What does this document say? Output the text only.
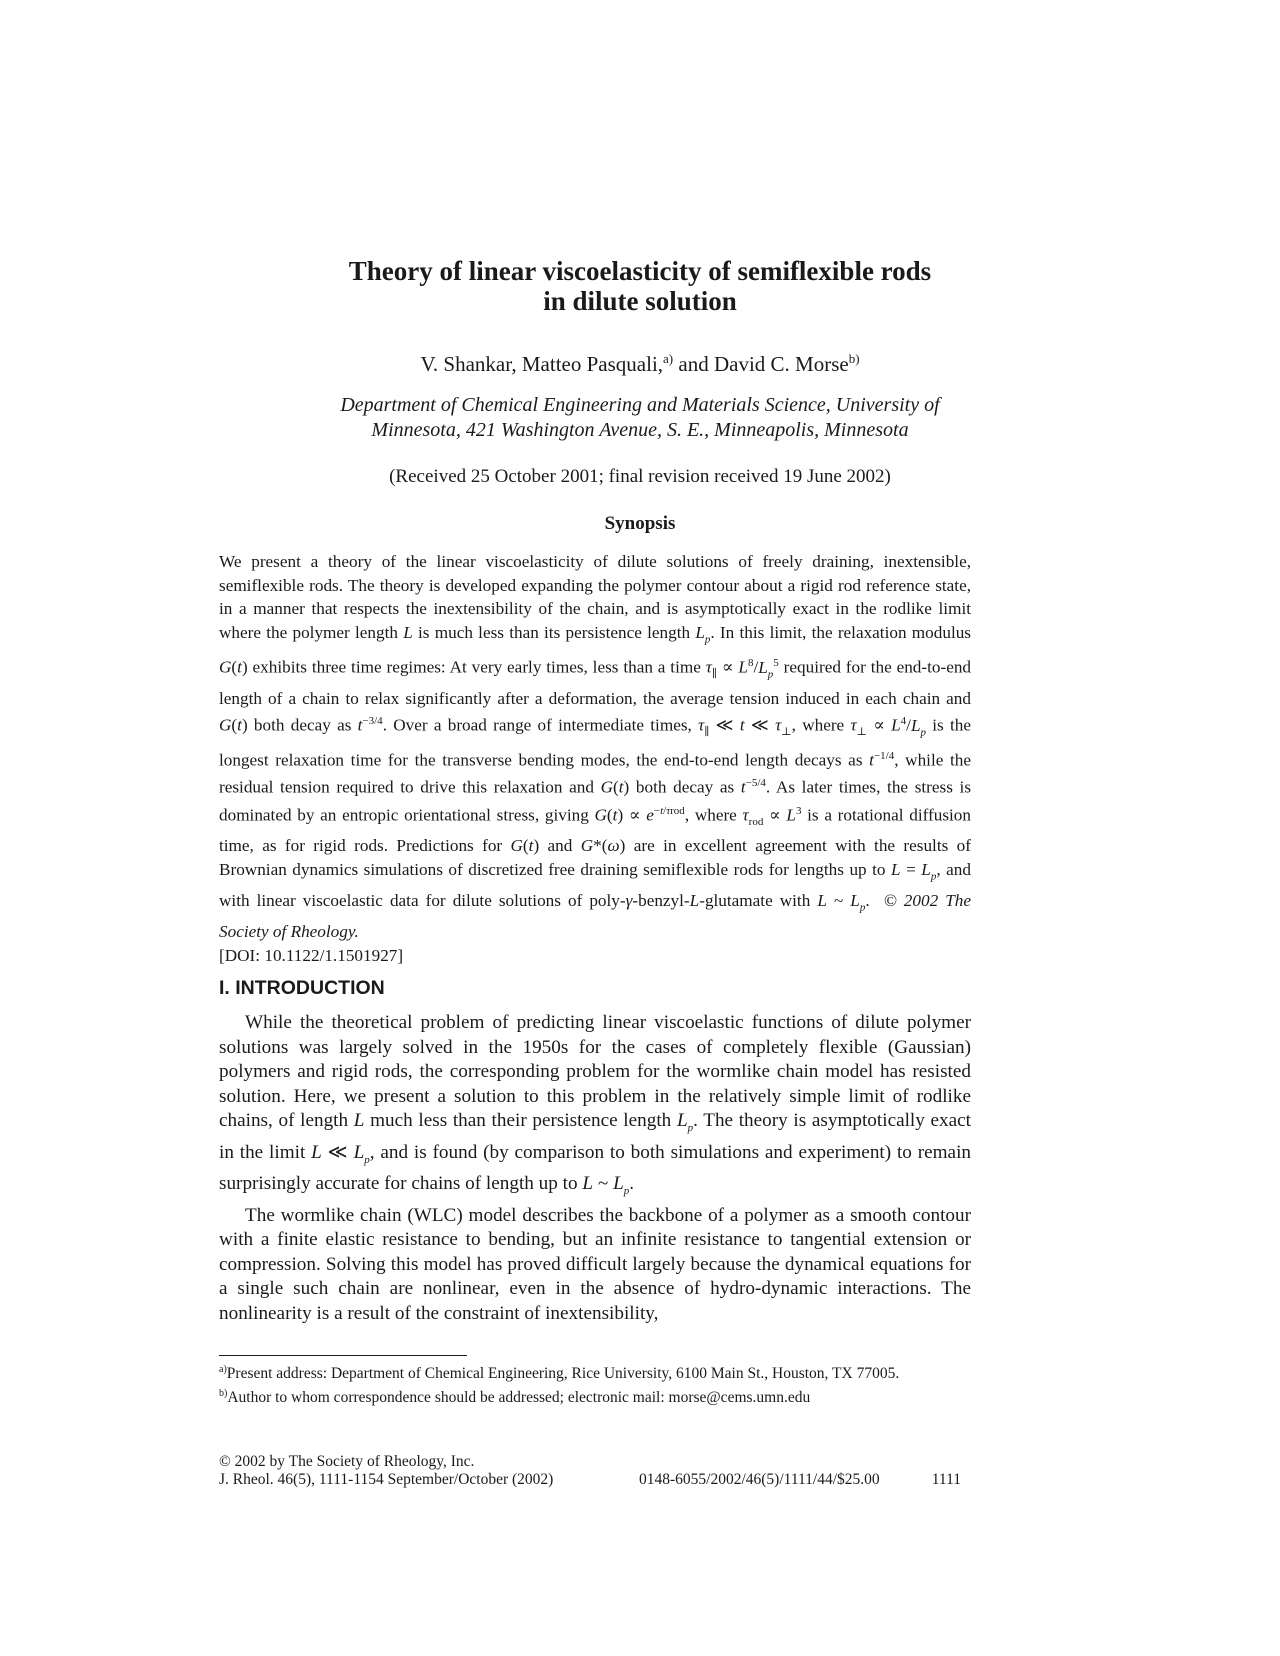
Theory of linear viscoelasticity of semiflexible rods
in dilute solution
V. Shankar, Matteo Pasquali,$^{a)}$ and David C. Morse$^{b)}$
Department of Chemical Engineering and Materials Science, University of
Minnesota, 421 Washington Avenue, S. E., Minneapolis, Minnesota
(Received 25 October 2001; final revision received 19 June 2002)
Synopsis
We present a theory of the linear viscoelasticity of dilute solutions of freely draining, inextensible, semiflexible rods. The theory is developed expanding the polymer contour about a rigid rod reference state, in a manner that respects the inextensibility of the chain, and is asymptotically exact in the rodlike limit where the polymer length L is much less than its persistence length $L_p$. In this limit, the relaxation modulus G(t) exhibits three time regimes: At very early times, less than a time $\tau_\parallel \propto L^8/L_p^5$ required for the end-to-end length of a chain to relax significantly after a deformation, the average tension induced in each chain and G(t) both decay as $t^{-3/4}$. Over a broad range of intermediate times, $\tau_\parallel$ ≪ t ≪ $\tau_\perp$, where $\tau_\perp \propto L^4/L_p$ is the longest relaxation time for the transverse bending modes, the end-to-end length decays as $t^{-1/4}$, while the residual tension required to drive this relaxation and G(t) both decay as $t^{-5/4}$. As later times, the stress is dominated by an entropic orientational stress, giving $G(t) \propto e^{-t/\tau rod}$, where $\tau_{rod} \propto L^3$ is a rotational diffusion time, as for rigid rods. Predictions for G(t) and G*(ω) are in excellent agreement with the results of Brownian dynamics simulations of discretized free draining semiflexible rods for lengths up to $L = L_p$, and with linear viscoelastic data for dilute solutions of poly-γ-benzyl-L-glutamate with L ~ $L_p$. © 2002 The Society of Rheology.
[DOI: 10.1122/1.1501927]
I. INTRODUCTION

While the theoretical problem of predicting linear viscoelastic functions of dilute polymer solutions was largely solved in the 1950s for the cases of completely flexible (Gaussian) polymers and rigid rods, the corresponding problem for the wormlike chain model has resisted solution. Here, we present a solution to this problem in the relatively simple limit of rodlike chains, of length L much less than their persistence length $L_p$. The theory is asymptotically exact in the limit L ≪ $L_p$, and is found (by comparison to both simulations and experiment) to remain surprisingly accurate for chains of length up to L ~ $L_p$.

The wormlike chain (WLC) model describes the backbone of a polymer as a smooth contour with a finite elastic resistance to bending, but an infinite resistance to tangential extension or compression. Solving this model has proved difficult largely because the dynamical equations for a single such chain are nonlinear, even in the absence of hydro-dynamic interactions. The nonlinearity is a result of the constraint of inextensibility,

$^{a)}$Present address: Department of Chemical Engineering, Rice University, 6100 Main St., Houston, TX 77005.
$^{b)}$Author to whom correspondence should be addressed; electronic mail: morse@cems.umn.edu
© 2002 by The Society of Rheology, Inc.
J. Rheol. 46(5), 1111-1154 September/October (2002)	0148-6055/2002/46(5)/1111/44/$25.00	1111
